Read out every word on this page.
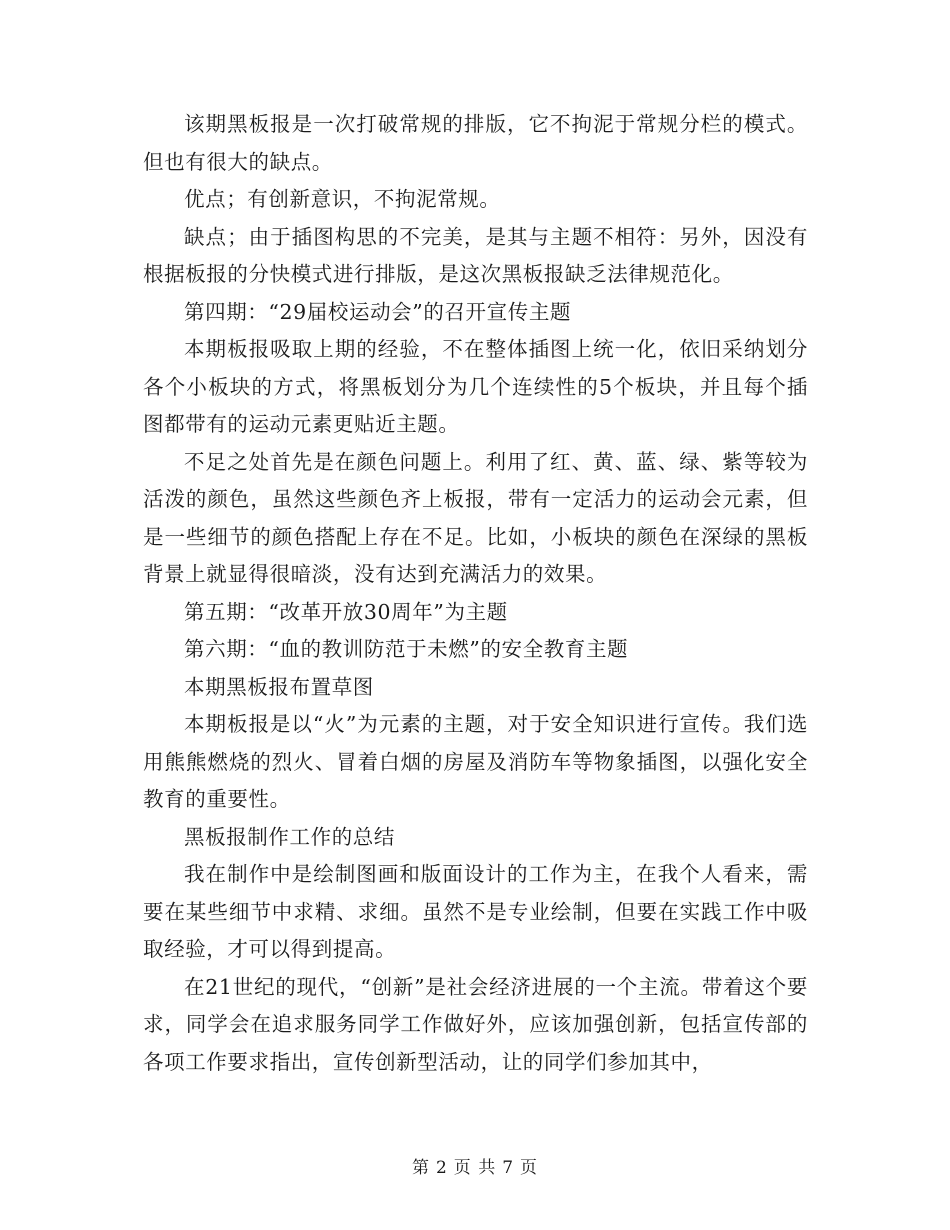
该期黑板报是一次打破常规的排版，它不拘泥于常规分栏的模式。但也有很大的缺点。

优点；有创新意识，不拘泥常规。

缺点；由于插图构思的不完美，是其与主题不相符：另外，因没有根据板报的分快模式进行排版，是这次黑板报缺乏法律规范化。

第四期：“29届校运动会”的召开宣传主题

本期板报吸取上期的经验，不在整体插图上统一化，依旧采纳划分各个小板块的方式，将黑板划分为几个连续性的5个板块，并且每个插图都带有的运动元素更贴近主题。

不足之处首先是在颜色问题上。利用了红、黄、蓝、绿、紫等较为活泼的颜色，虽然这些颜色齐上板报，带有一定活力的运动会元素，但是一些细节的颜色搭配上存在不足。比如，小板块的颜色在深绿的黑板背景上就显得很暗淡，没有达到充满活力的效果。

第五期：“改革开放30周年”为主题

第六期：“血的教训防范于未燃”的安全教育主题

本期黑板报布置草图

本期板报是以“火”为元素的主题，对于安全知识进行宣传。我们选用熊熊燃烧的烈火、冒着白烟的房屋及消防车等物象插图，以强化安全教育的重要性。

黑板报制作工作的总结

我在制作中是绘制图画和版面设计的工作为主，在我个人看来，需要在某些细节中求精、求细。虽然不是专业绘制，但要在实践工作中吸取经验，才可以得到提高。

在21世纪的现代，“创新”是社会经济进展的一个主流。带着这个要求，同学会在追求服务同学工作做好外，应该加强创新，包括宣传部的各项工作要求指出，宣传创新型活动，让的同学们参加其中，

第 2 页 共 7 页
